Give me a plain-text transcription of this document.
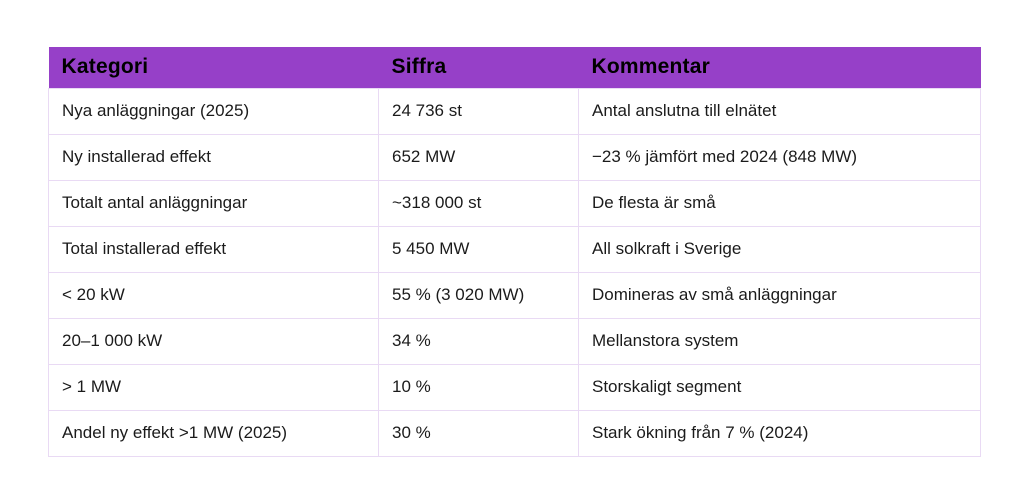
Kategori	Siffra	Kommentar
Nya anläggningar (2025)	24 736 st	Antal anslutna till elnätet
Ny installerad effekt	652 MW	−23 % jämfört med 2024 (848 MW)
Totalt antal anläggningar	~318 000 st	De flesta är små
Total installerad effekt	5 450 MW	All solkraft i Sverige
< 20 kW	55 % (3 020 MW)	Domineras av små anläggningar
20–1 000 kW	34 %	Mellanstora system
> 1 MW	10 %	Storskaligt segment
Andel ny effekt >1 MW (2025)	30 %	Stark ökning från 7 % (2024)
